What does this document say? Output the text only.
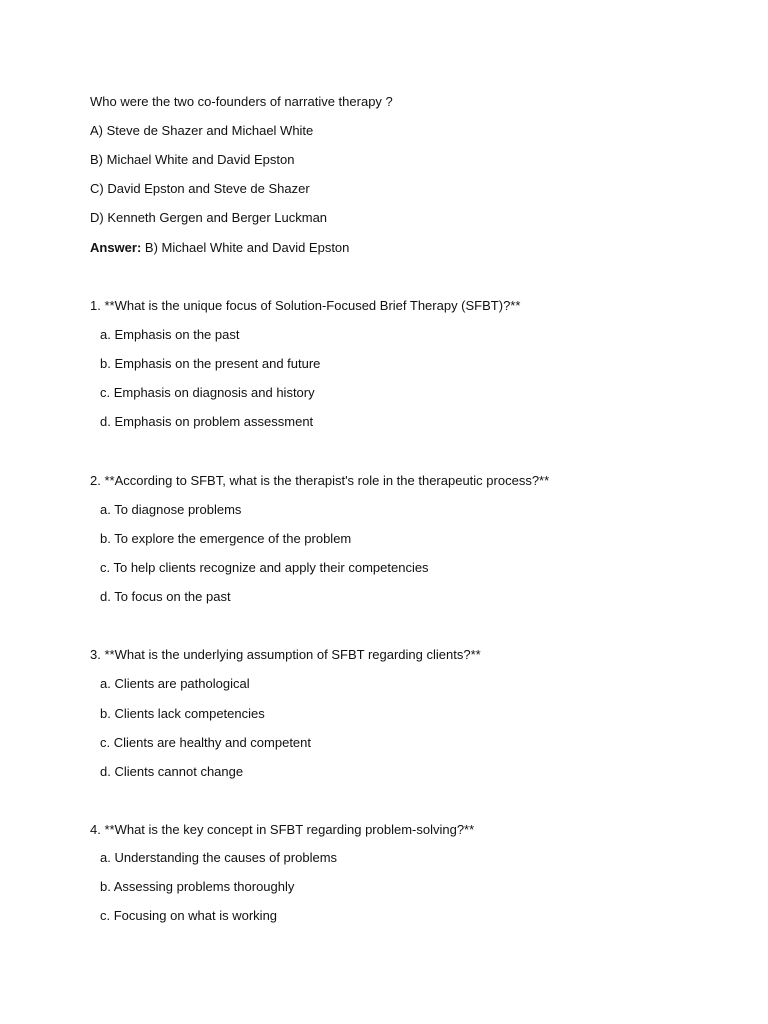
Who were the two co-founders of narrative therapy ?
A) Steve de Shazer and Michael White
B) Michael White and David Epston
C) David Epston and Steve de Shazer
D) Kenneth Gergen and Berger Luckman
Answer: B) Michael White and David Epston
1. **What is the unique focus of Solution-Focused Brief Therapy (SFBT)?**
a. Emphasis on the past
b. Emphasis on the present and future
c. Emphasis on diagnosis and history
d. Emphasis on problem assessment
2. **According to SFBT, what is the therapist's role in the therapeutic process?**
a. To diagnose problems
b. To explore the emergence of the problem
c. To help clients recognize and apply their competencies
d. To focus on the past
3. **What is the underlying assumption of SFBT regarding clients?**
a. Clients are pathological
b. Clients lack competencies
c. Clients are healthy and competent
d. Clients cannot change
4. **What is the key concept in SFBT regarding problem-solving?**
a. Understanding the causes of problems
b. Assessing problems thoroughly
c. Focusing on what is working
